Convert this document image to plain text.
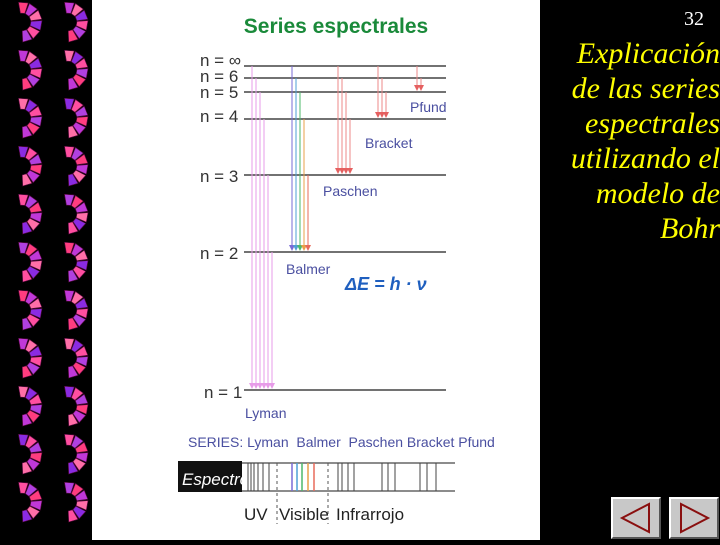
Series espectrales
n = ∞
n = 6
n = 5
n = 4
n = 3
n = 2
n = 1
Pfund
Bracket
Paschen
Balmer
Lyman
ΔE = h · ν
SERIES: Lyman  Balmer  Paschen Bracket Pfund
Espectro
UV Visible Infrarrojo
32
Explicación
de las series
espectrales
utilizando el
modelo de
Bohr
